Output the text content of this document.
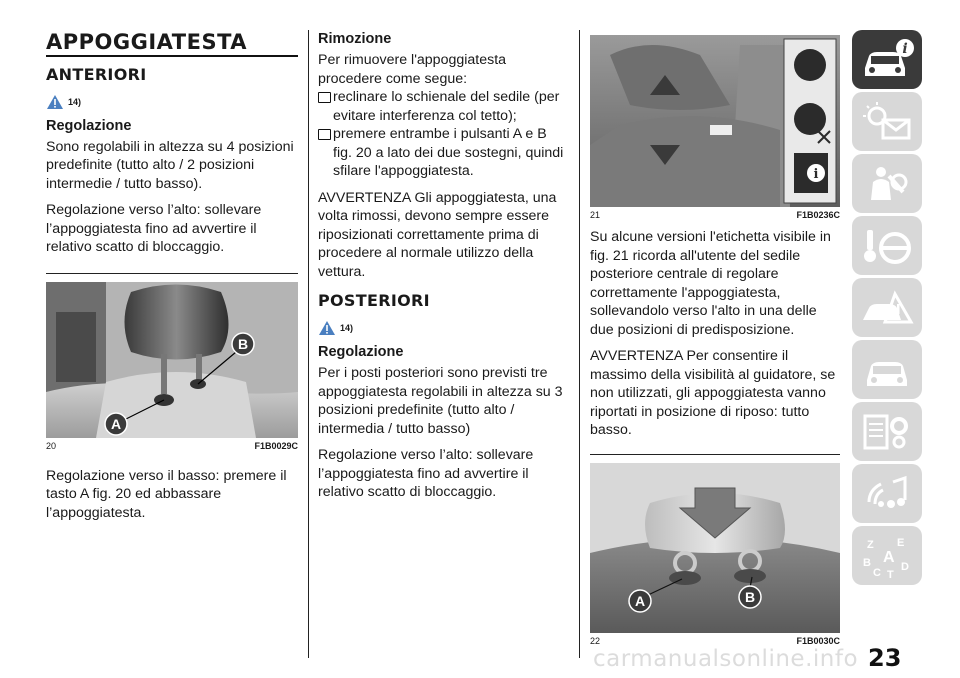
APPOGGIATESTA
ANTERIORI
14)
Regolazione
Sono regolabili in altezza su 4 posizioni predefinite (tutto alto / 2 posizioni intermedie / tutto basso).
Regolazione verso l’alto: sollevare l’appoggiatesta fino ad avvertire il relativo scatto di bloccaggio.
A
B
20	F1B0029C
Regolazione verso il basso: premere il tasto A fig. 20 ed abbassare l’appoggiatesta.
Rimozione
Per rimuovere l'appoggiatesta procedere come segue:
reclinare lo schienale del sedile (per evitare interferenza col tetto);
premere entrambe i pulsanti A e B fig. 20 a lato dei due sostegni, quindi sfilare l'appoggiatesta.
AVVERTENZA Gli appoggiatesta, una volta rimossi, devono sempre essere riposizionati correttamente prima di procedere al normale utilizzo della vettura.
POSTERIORI
14)
Regolazione
Per i posti posteriori sono previsti tre appoggiatesta regolabili in altezza su 3 posizioni predefinite (tutto alto / intermedia / tutto basso)
Regolazione verso l’alto: sollevare l’appoggiatesta fino ad avvertire il relativo scatto di bloccaggio.
i
21	F1B0236C
Su alcune versioni l'etichetta visibile in fig. 21 ricorda all'utente del sedile posteriore centrale di regolare correttamente l'appoggiatesta, sollevandolo verso l'alto in una delle due posizioni di predisposizione.
AVVERTENZA Per consentire il massimo della visibilità al guidatore, se non utilizzati, gli appoggiatesta vanno riportati in posizione di riposo: tutto basso.
A	B
22	F1B0030C
i
Z E
A
B
C T
D
carmanualsonline.info 23
